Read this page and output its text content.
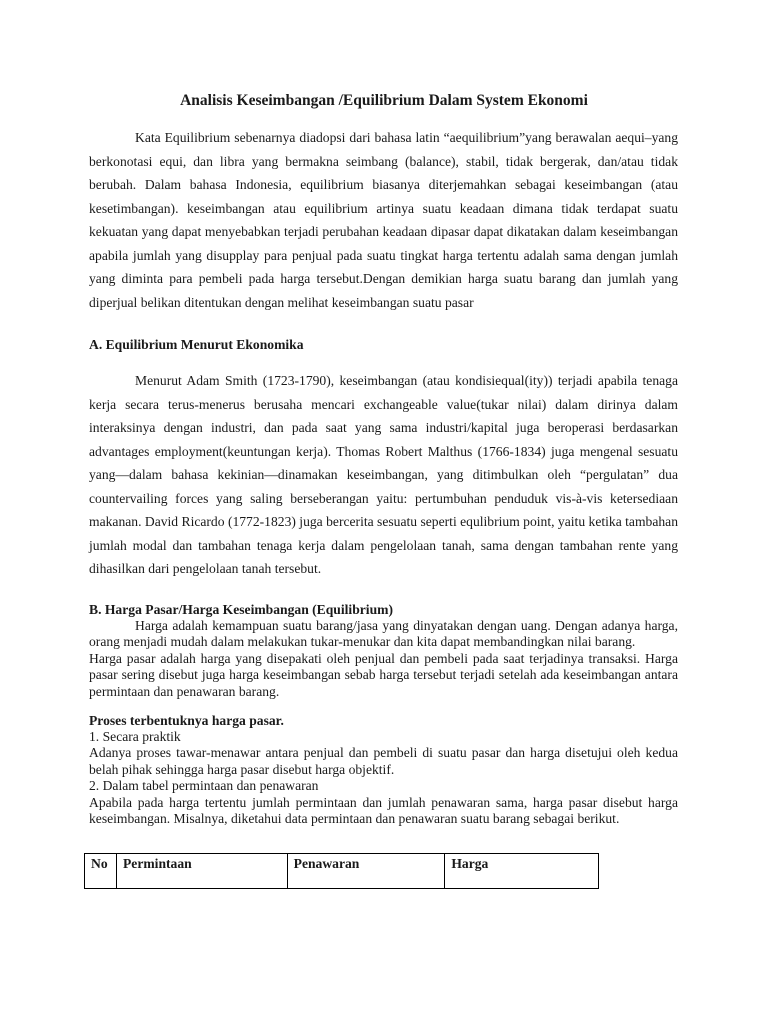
Analisis Keseimbangan /Equilibrium Dalam System Ekonomi

Kata Equilibrium sebenarnya diadopsi dari bahasa latin “aequilibrium”yang berawalan aequi–yang berkonotasi equi, dan libra yang bermakna seimbang (balance), stabil, tidak bergerak, dan/atau tidak berubah. Dalam bahasa Indonesia, equilibrium biasanya diterjemahkan sebagai keseimbangan (atau kesetimbangan). keseimbangan atau equilibrium artinya suatu keadaan dimana tidak terdapat suatu kekuatan yang dapat menyebabkan terjadi perubahan keadaan dipasar dapat dikatakan dalam keseimbangan apabila jumlah yang disupplay para penjual pada suatu tingkat harga tertentu adalah sama dengan jumlah yang diminta para pembeli pada harga tersebut.Dengan demikian harga suatu barang dan jumlah yang diperjual belikan ditentukan dengan melihat keseimbangan suatu pasar

A. Equilibrium Menurut Ekonomika

Menurut Adam Smith (1723-1790), keseimbangan (atau kondisiequal(ity)) terjadi apabila tenaga kerja secara terus-menerus berusaha mencari exchangeable value(tukar nilai) dalam dirinya dalam interaksinya dengan industri, dan pada saat yang sama industri/kapital juga beroperasi berdasarkan advantages employment(keuntungan kerja). Thomas Robert Malthus (1766-1834) juga mengenal sesuatu yang—dalam bahasa kekinian—dinamakan keseimbangan, yang ditimbulkan oleh “pergulatan” dua countervailing forces yang saling berseberangan yaitu: pertumbuhan penduduk vis-à-vis ketersediaan makanan. David Ricardo (1772-1823) juga bercerita sesuatu seperti equlibrium point, yaitu ketika tambahan jumlah modal dan tambahan tenaga kerja dalam pengelolaan tanah, sama dengan tambahan rente yang dihasilkan dari pengelolaan tanah tersebut.

B. Harga Pasar/Harga Keseimbangan (Equilibrium)

Harga adalah kemampuan suatu barang/jasa yang dinyatakan dengan uang. Dengan adanya harga, orang menjadi mudah dalam melakukan tukar-menukar dan kita dapat membandingkan nilai barang.
Harga pasar adalah harga yang disepakati oleh penjual dan pembeli pada saat terjadinya transaksi. Harga pasar sering disebut juga harga keseimbangan sebab harga tersebut terjadi setelah ada keseimbangan antara permintaan dan penawaran barang.

Proses terbentuknya harga pasar.

1. Secara praktik
Adanya proses tawar-menawar antara penjual dan pembeli di suatu pasar dan harga disetujui oleh kedua belah pihak sehingga harga pasar disebut harga objektif.
2. Dalam tabel permintaan dan penawaran
Apabila pada harga tertentu jumlah permintaan dan jumlah penawaran sama, harga pasar disebut harga keseimbangan. Misalnya, diketahui data permintaan dan penawaran suatu barang sebagai berikut.
No	Permintaan	Penawaran	Harga
